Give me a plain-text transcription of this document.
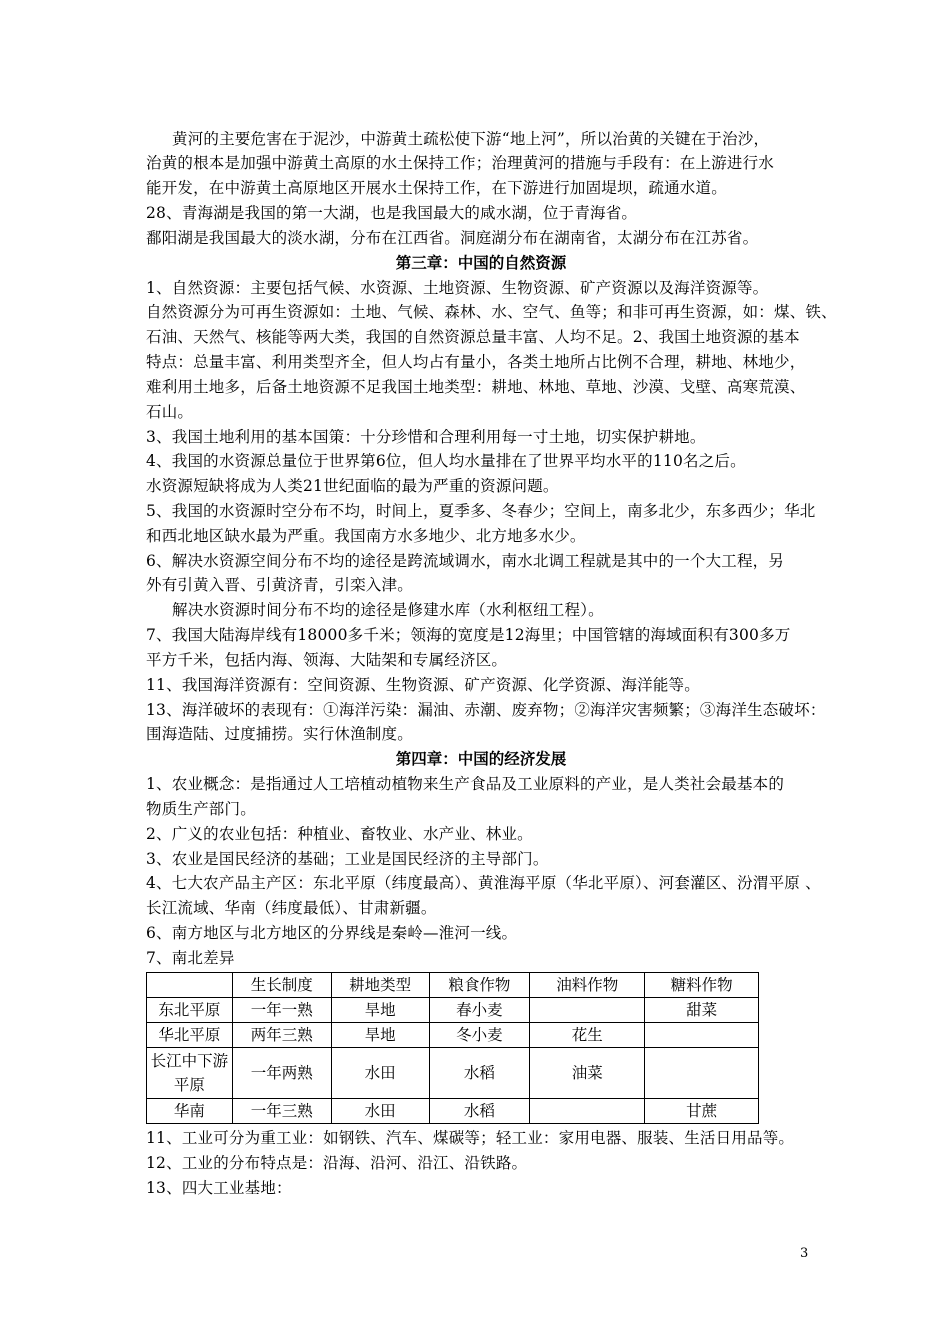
黄河的主要危害在于泥沙，中游黄土疏松使下游“地上河”，所以治黄的关键在于治沙，
治黄的根本是加强中游黄土高原的水土保持工作；治理黄河的措施与手段有：在上游进行水
能开发，在中游黄土高原地区开展水土保持工作，在下游进行加固堤坝，疏通水道。
28、青海湖是我国的第一大湖，也是我国最大的咸水湖，位于青海省。
鄱阳湖是我国最大的淡水湖，分布在江西省。洞庭湖分布在湖南省，太湖分布在江苏省。
第三章：中国的自然资源
1、自然资源：主要包括气候、水资源、土地资源、生物资源、矿产资源以及海洋资源等。
自然资源分为可再生资源如：土地、气候、森林、水、空气、鱼等；和非可再生资源，如：煤、铁、
石油、天然气、核能等两大类，我国的自然资源总量丰富、人均不足。2、我国土地资源的基本
特点：总量丰富、利用类型齐全，但人均占有量小，各类土地所占比例不合理，耕地、林地少，
难利用土地多，后备土地资源不足我国土地类型：耕地、林地、草地、沙漠、戈壁、高寒荒漠、
石山。
3、我国土地利用的基本国策：十分珍惜和合理利用每一寸土地，切实保护耕地。
4、我国的水资源总量位于世界第6位，但人均水量排在了世界平均水平的110名之后。
水资源短缺将成为人类21世纪面临的最为严重的资源问题。
5、我国的水资源时空分布不均，时间上，夏季多、冬春少；空间上，南多北少，东多西少；华北
和西北地区缺水最为严重。我国南方水多地少、北方地多水少。
6、解决水资源空间分布不均的途径是跨流域调水，南水北调工程就是其中的一个大工程，另
外有引黄入晋、引黄济青，引栾入津。
解决水资源时间分布不均的途径是修建水库（水利枢纽工程）。
7、我国大陆海岸线有18000多千米；领海的宽度是12海里；中国管辖的海域面积有300多万
平方千米，包括内海、领海、大陆架和专属经济区。
11、我国海洋资源有：空间资源、生物资源、矿产资源、化学资源、海洋能等。
13、海洋破坏的表现有：①海洋污染：漏油、赤潮、废弃物；②海洋灾害频繁；③海洋生态破坏：
围海造陆、过度捕捞。实行休渔制度。
第四章：中国的经济发展
1、农业概念：是指通过人工培植动植物来生产食品及工业原料的产业，是人类社会最基本的
物质生产部门。
2、广义的农业包括：种植业、畜牧业、水产业、林业。
3、农业是国民经济的基础；工业是国民经济的主导部门。
4、七大农产品主产区：东北平原（纬度最高）、黄淮海平原（华北平原）、河套灌区、汾渭平原 、
长江流域、华南（纬度最低）、甘肃新疆。
6、南方地区与北方地区的分界线是秦岭—淮河一线。
7、南北差异
	生长制度	耕地类型	粮食作物	油料作物	糖料作物
东北平原	一年一熟	旱地	春小麦		甜菜
华北平原	两年三熟	旱地	冬小麦	花生	
长江中下游平原	一年两熟	水田	水稻	油菜	
华南	一年三熟	水田	水稻		甘蔗
11、工业可分为重工业：如钢铁、汽车、煤碳等；轻工业：家用电器、服装、生活日用品等。
12、工业的分布特点是：沿海、沿河、沿江、沿铁路。
13、四大工业基地：
3
